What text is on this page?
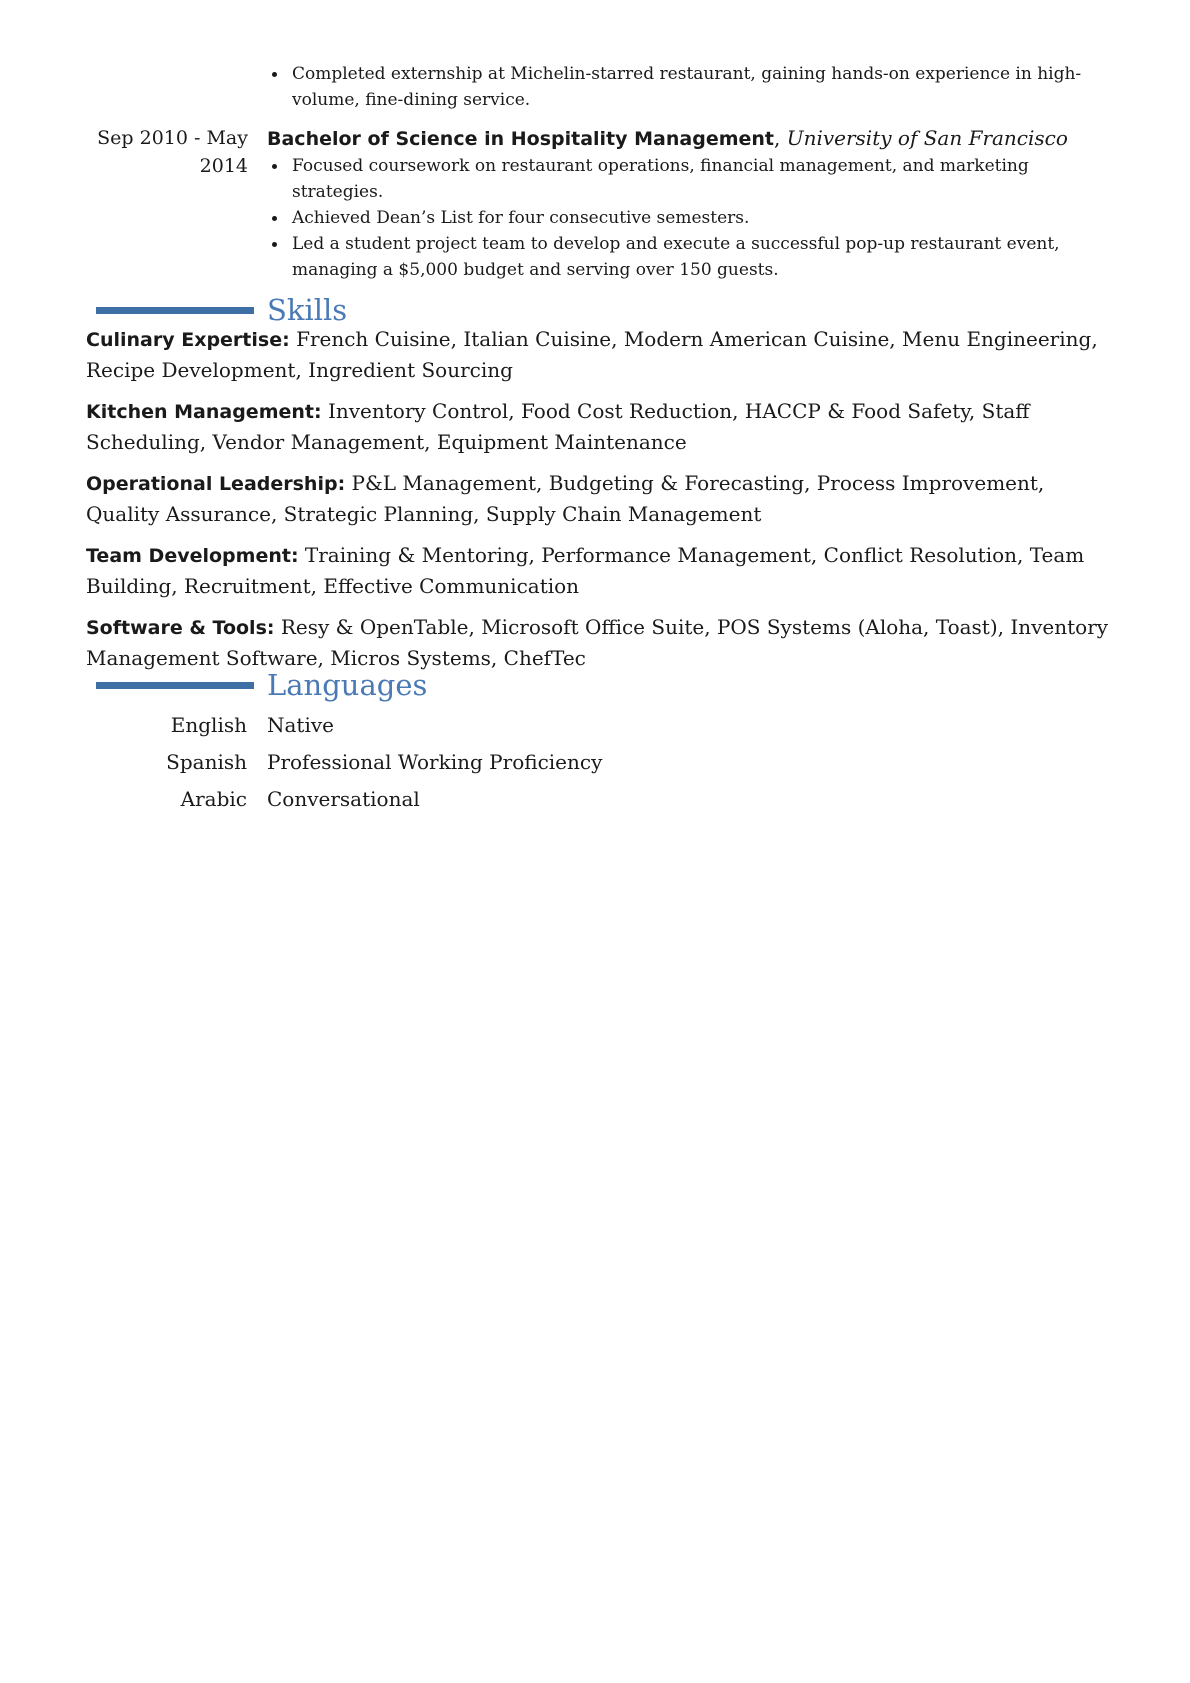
Completed externship at Michelin-starred restaurant, gaining hands-on experience in high-volume, fine-dining service.
Sep 2010 - May
2014
Bachelor of Science in Hospitality Management, University of San Francisco
Focused coursework on restaurant operations, financial management, and marketing strategies.
Achieved Dean’s List for four consecutive semesters.
Led a student project team to develop and execute a successful pop-up restaurant event, managing a $5,000 budget and serving over 150 guests.
Skills
Culinary Expertise: French Cuisine, Italian Cuisine, Modern American Cuisine, Menu Engineering, Recipe Development, Ingredient Sourcing
Kitchen Management: Inventory Control, Food Cost Reduction, HACCP & Food Safety, Staff Scheduling, Vendor Management, Equipment Maintenance
Operational Leadership: P&L Management, Budgeting & Forecasting, Process Improvement, Quality Assurance, Strategic Planning, Supply Chain Management
Team Development: Training & Mentoring, Performance Management, Conflict Resolution, Team Building, Recruitment, Effective Communication
Software & Tools: Resy & OpenTable, Microsoft Office Suite, POS Systems (Aloha, Toast), Inventory Management Software, Micros Systems, ChefTec
Languages
English Native
Spanish Professional Working Proficiency
Arabic Conversational
